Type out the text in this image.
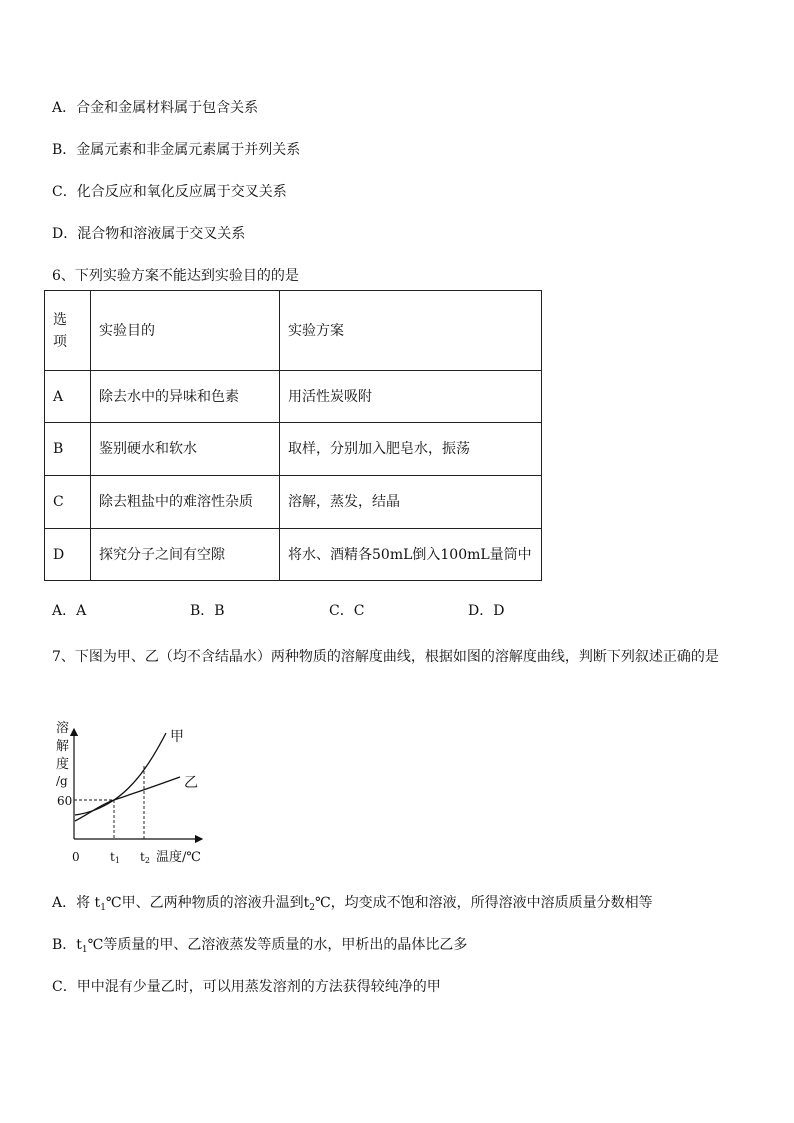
A．合金和金属材料属于包含关系
B．金属元素和非金属元素属于并列关系
C．化合反应和氧化反应属于交叉关系
D．混合物和溶液属于交叉关系
6、下列实验方案不能达到实验目的的是
选
项	实验目的	实验方案
A	除去水中的异味和色素	用活性炭吸附
B	鉴别硬水和软水	取样，分别加入肥皂水，振荡
C	除去粗盐中的难溶性杂质	溶解，蒸发，结晶
D	探究分子之间有空隙	将水、酒精各50mL倒入100mL量筒中
A．A	B．B	C．C	D．D
7、下图为甲、乙（均不含结晶水）两种物质的溶解度曲线，根据如图的溶解度曲线，判断下列叙述正确的是
溶
解
度
/g
60
甲
乙
0	t1 t2 温度/℃
A．将 $t_1℃$甲、乙两种物质的溶液升温到$t_2℃$，均变成不饱和溶液，所得溶液中溶质质量分数相等
B．$t_1℃$等质量的甲、乙溶液蒸发等质量的水，甲析出的晶体比乙多
C．甲中混有少量乙时，可以用蒸发溶剂的方法获得较纯净的甲
